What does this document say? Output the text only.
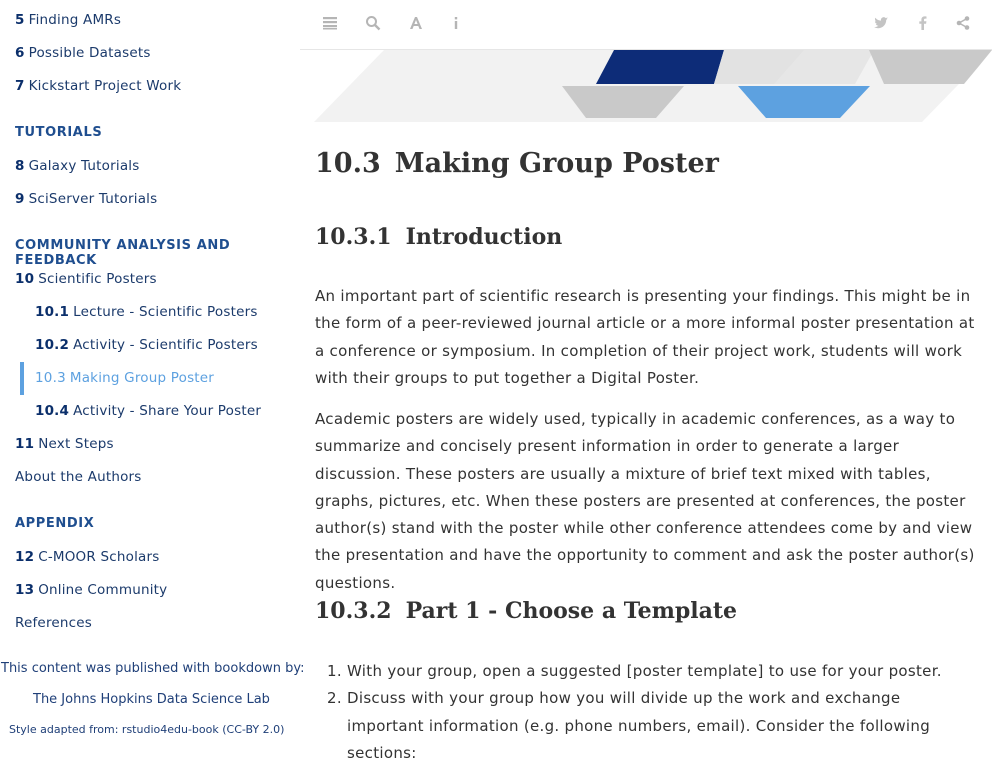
5 Finding AMRs
6 Possible Datasets
7 Kickstart Project Work
TUTORIALS
8 Galaxy Tutorials
9 SciServer Tutorials
COMMUNITY ANALYSIS AND FEEDBACK
10 Scientific Posters
10.1 Lecture - Scientific Posters
10.2 Activity - Scientific Posters
10.3 Making Group Poster
10.4 Activity - Share Your Poster
11 Next Steps
About the Authors
APPENDIX
12 C-MOOR Scholars
13 Online Community
References
This content was published with bookdown by:
The Johns Hopkins Data Science Lab
Style adapted from: rstudio4edu-book (CC-BY 2.0)
10.3 Making Group Poster
10.3.1 Introduction

An important part of scientific research is presenting your findings. This might be in the form of a peer-reviewed journal article or a more informal poster presentation at a conference or symposium. In completion of their project work, students will work with their groups to put together a Digital Poster.

Academic posters are widely used, typically in academic conferences, as a way to summarize and concisely present information in order to generate a larger discussion. These posters are usually a mixture of brief text mixed with tables, graphs, pictures, etc. When these posters are presented at conferences, the poster author(s) stand with the poster while other conference attendees come by and view the presentation and have the opportunity to comment and ask the poster author(s) questions.

10.3.2 Part 1 - Choose a Template
1. With your group, open a suggested [poster template] to use for your poster.
2. Discuss with your group how you will divide up the work and exchange important information (e.g. phone numbers, email). Consider the following sections:
